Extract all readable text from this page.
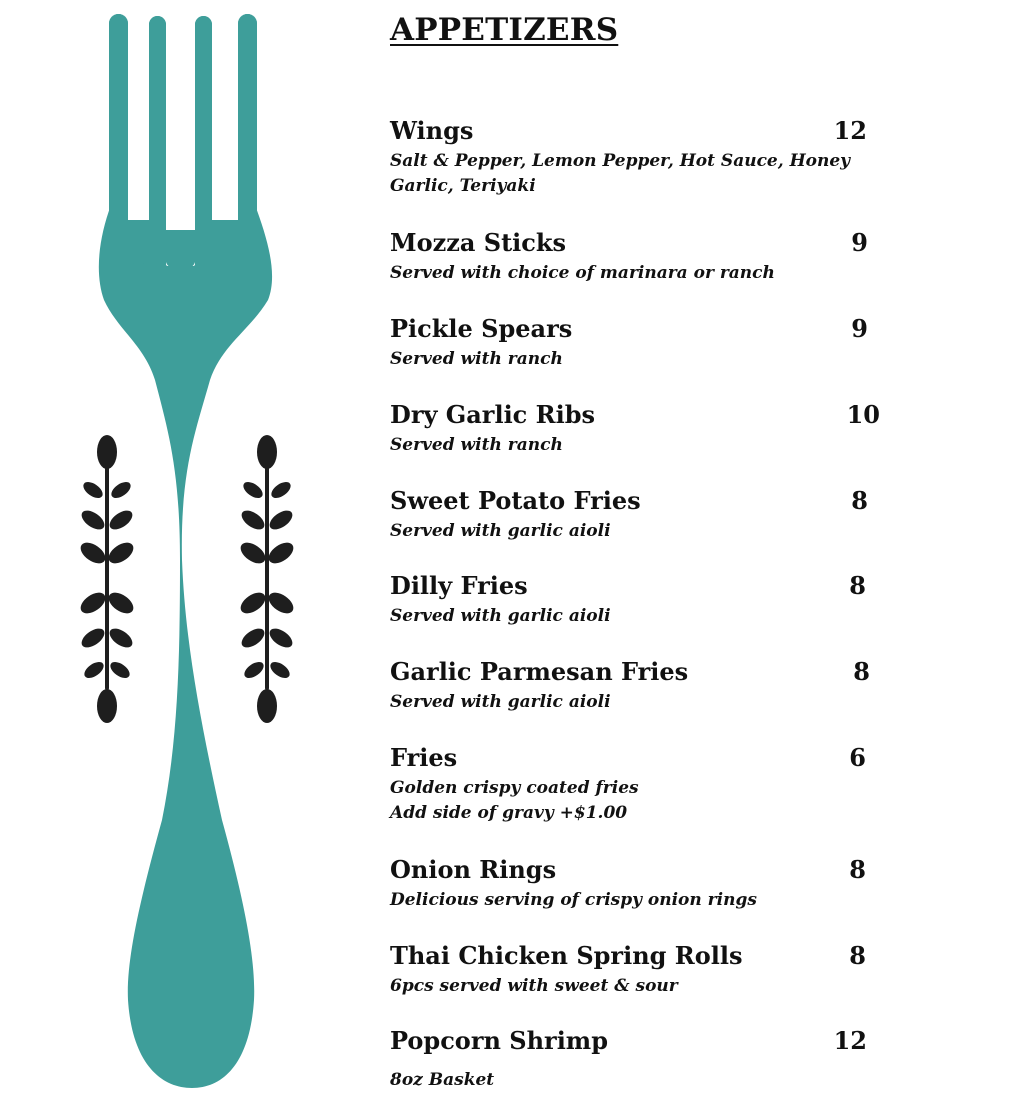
APPETIZERS
Wings	12
Salt & Pepper, Lemon Pepper, Hot Sauce, Honey
Garlic, Teriyaki
Mozza Sticks	9
Served with choice of marinara or ranch
Pickle Spears	9
Served with ranch
Dry Garlic Ribs	10
Served with ranch
Sweet Potato Fries	8
Served with garlic aioli
Dilly Fries	8
Served with garlic aioli
Garlic Parmesan Fries	8
Served with garlic aioli
Fries	6
Golden crispy coated fries
Add side of gravy +$1.00
Onion Rings	8
Delicious serving of crispy onion rings
Thai Chicken Spring Rolls	8
6pcs served with sweet & sour
Popcorn Shrimp	12
8oz Basket
